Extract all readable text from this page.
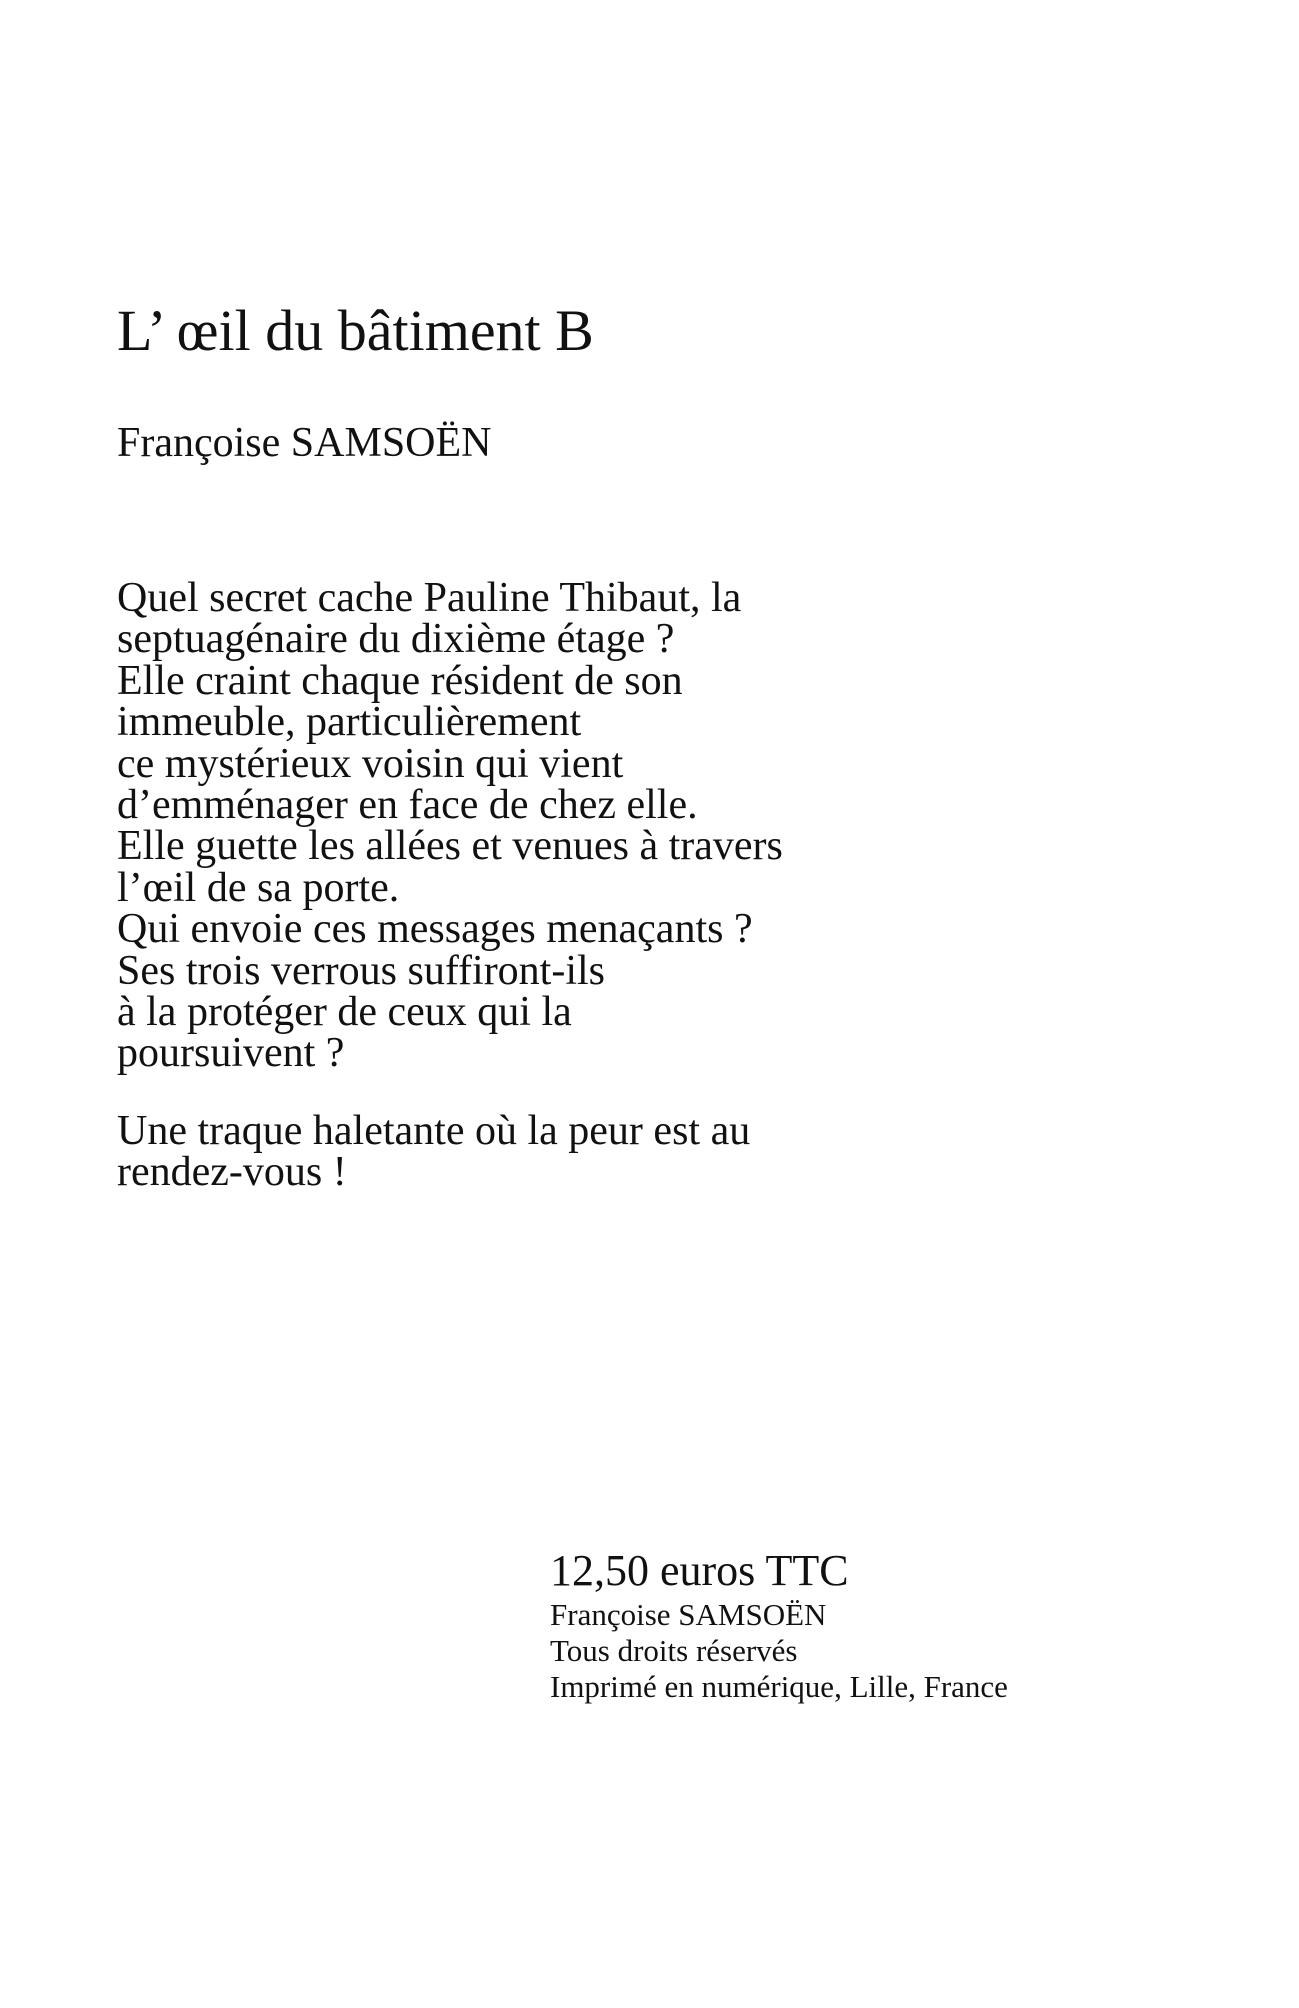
L’ œil du bâtiment B
Françoise SAMSOËN
Quel secret cache Pauline Thibaut, la
septuagénaire du dixième étage ?
Elle craint chaque résident de son
immeuble, particulièrement
ce mystérieux voisin qui vient
d’emménager en face de chez elle.
Elle guette les allées et venues à travers
l’œil de sa porte.
Qui envoie ces messages menaçants ?
Ses trois verrous suffiront-ils
à la protéger de ceux qui la
poursuivent ?
Une traque haletante où la peur est au
rendez-vous !
12,50 euros TTC
Françoise SAMSOËN
Tous droits réservés
Imprimé en numérique, Lille, France
